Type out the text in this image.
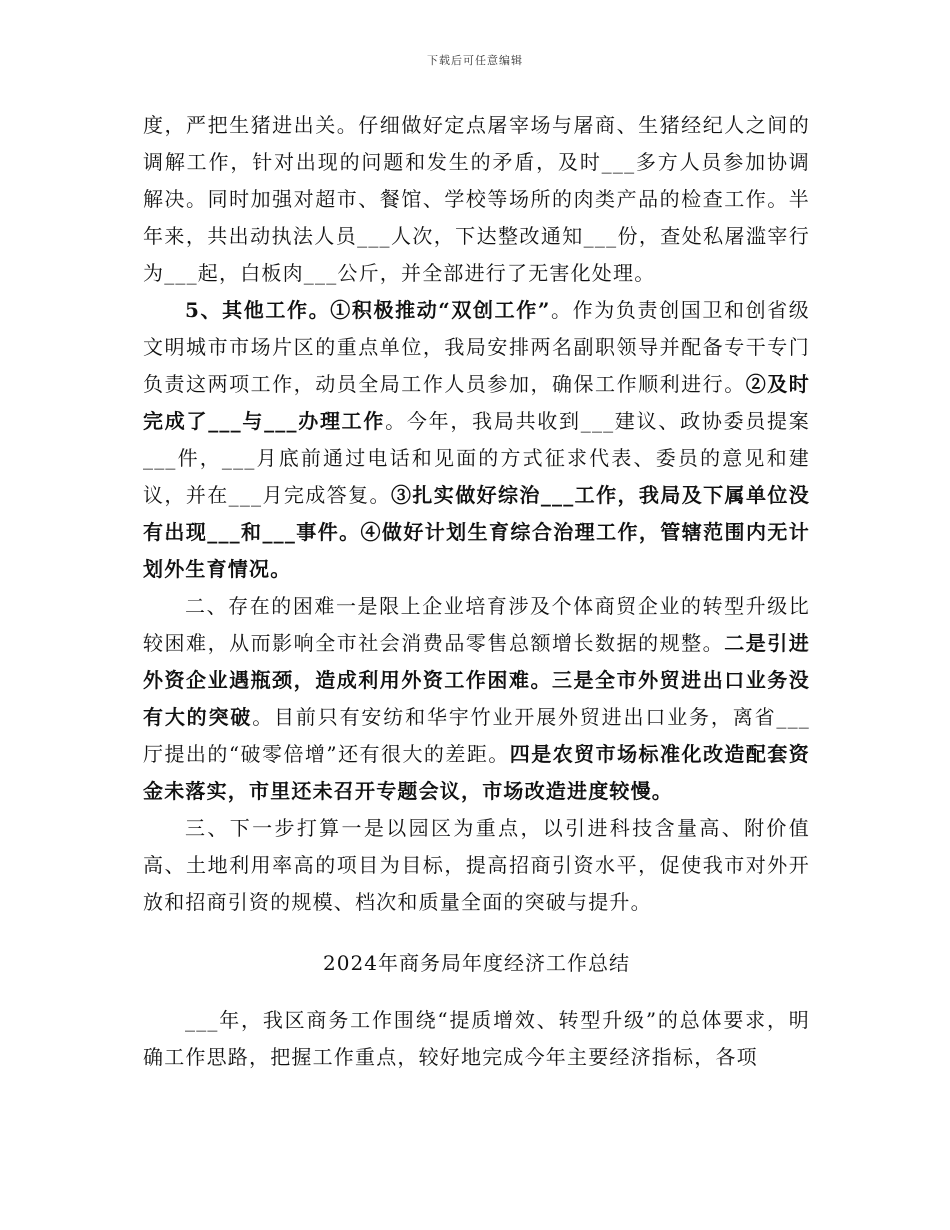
下载后可任意编辑

度，严把生猪进出关。仔细做好定点屠宰场与屠商、生猪经纪人之间的调解工作，针对出现的问题和发生的矛盾，及时___多方人员参加协调解决。同时加强对超市、餐馆、学校等场所的肉类产品的检查工作。半年来，共出动执法人员___人次，下达整改通知___份，查处私屠滥宰行为___起，白板肉___公斤，并全部进行了无害化处理。

5、其他工作。①积极推动“双创工作”。作为负责创国卫和创省级文明城市市场片区的重点单位，我局安排两名副职领导并配备专干专门负责这两项工作，动员全局工作人员参加，确保工作顺利进行。②及时完成了___与___办理工作。今年，我局共收到___建议、政协委员提案___件，___月底前通过电话和见面的方式征求代表、委员的意见和建议，并在___月完成答复。③扎实做好综治___工作，我局及下属单位没有出现___和___事件。④做好计划生育综合治理工作，管辖范围内无计划外生育情况。

二、存在的困难一是限上企业培育涉及个体商贸企业的转型升级比较困难，从而影响全市社会消费品零售总额增长数据的规整。二是引进外资企业遇瓶颈，造成利用外资工作困难。三是全市外贸进出口业务没有大的突破。目前只有安纺和华宇竹业开展外贸进出口业务，离省___厅提出的“破零倍增”还有很大的差距。四是农贸市场标准化改造配套资金未落实，市里还未召开专题会议，市场改造进度较慢。

三、下一步打算一是以园区为重点，以引进科技含量高、附价值高、土地利用率高的项目为目标，提高招商引资水平，促使我市对外开放和招商引资的规模、档次和质量全面的突破与提升。

2024年商务局年度经济工作总结

___年，我区商务工作围绕“提质增效、转型升级”的总体要求，明确工作思路，把握工作重点，较好地完成今年主要经济指标，各项
